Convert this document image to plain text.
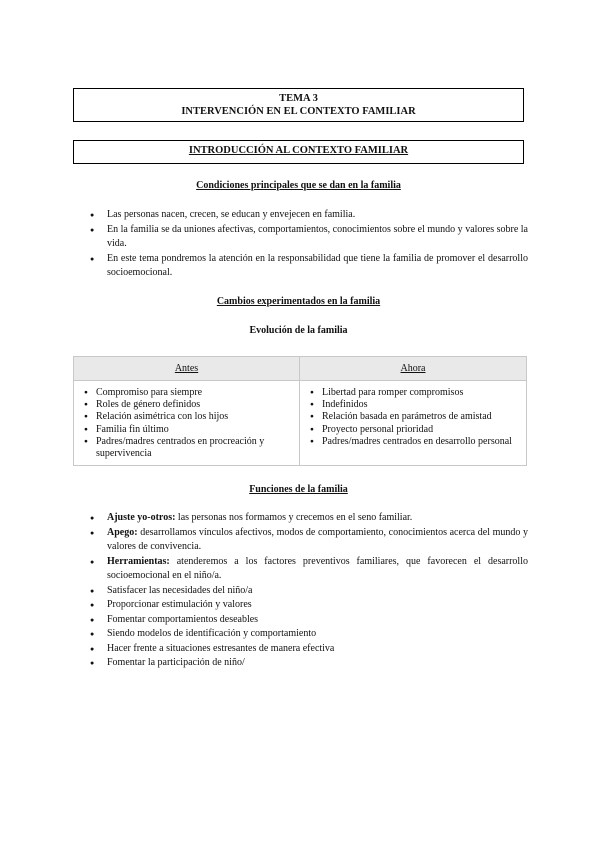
TEMA 3
INTERVENCIÓN EN EL CONTEXTO FAMILIAR
INTRODUCCIÓN AL CONTEXTO FAMILIAR
Condiciones principales que se dan en la familia
● Las personas nacen, crecen, se educan y envejecen en familia.
● En la familia se da uniones afectivas, comportamientos, conocimientos sobre el mundo y valores sobre la vida.
● En este tema pondremos la atención en la responsabilidad que tiene la familia de promover el desarrollo socioemocional.
Cambios experimentados en la familia
Evolución de la familia
Antes	Ahora
● Compromiso para siempre
● Roles de género definidos
● Relación asimétrica con los hijos
● Familia fin último
● Padres/madres centrados en procreación y supervivencia
● Libertad para romper compromisos
● Indefinidos
● Relación basada en parámetros de amistad
● Proyecto personal prioridad
● Padres/madres centrados en desarrollo personal
Funciones de la familia
● Ajuste yo-otros: las personas nos formamos y crecemos en el seno familiar.
● Apego: desarrollamos vínculos afectivos, modos de comportamiento, conocimientos acerca del mundo y valores de convivencia.
● Herramientas: atenderemos a los factores preventivos familiares, que favorecen el desarrollo socioemocional en el niño/a.
● Satisfacer las necesidades del niño/a
● Proporcionar estimulación y valores
● Fomentar comportamientos deseables
● Siendo modelos de identificación y comportamiento
● Hacer frente a situaciones estresantes de manera efectiva
● Fomentar la participación de niño/
